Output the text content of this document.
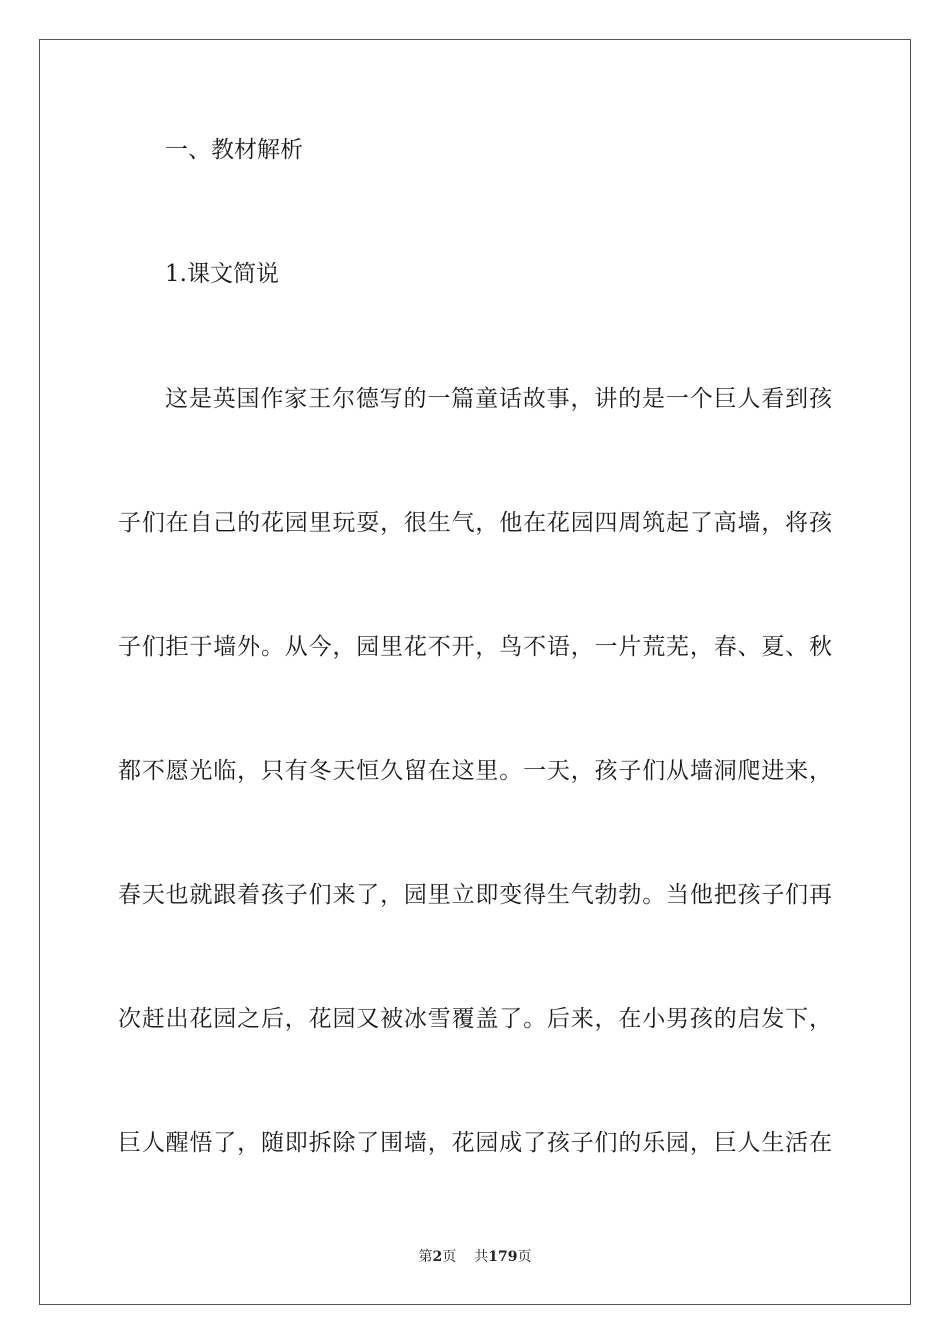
一、教材解析
1.课文简说
这是英国作家王尔德写的一篇童话故事，讲的是一个巨人看到孩
子们在自己的花园里玩耍，很生气，他在花园四周筑起了高墙，将孩
子们拒于墙外。从今，园里花不开，鸟不语，一片荒芜，春、夏、秋
都不愿光临，只有冬天恒久留在这里。一天，孩子们从墙洞爬进来，
春天也就跟着孩子们来了，园里立即变得生气勃勃。当他把孩子们再
次赶出花园之后，花园又被冰雪覆盖了。后来，在小男孩的启发下，
巨人醒悟了，随即拆除了围墙，花园成了孩子们的乐园，巨人生活在
第2页 共179页
